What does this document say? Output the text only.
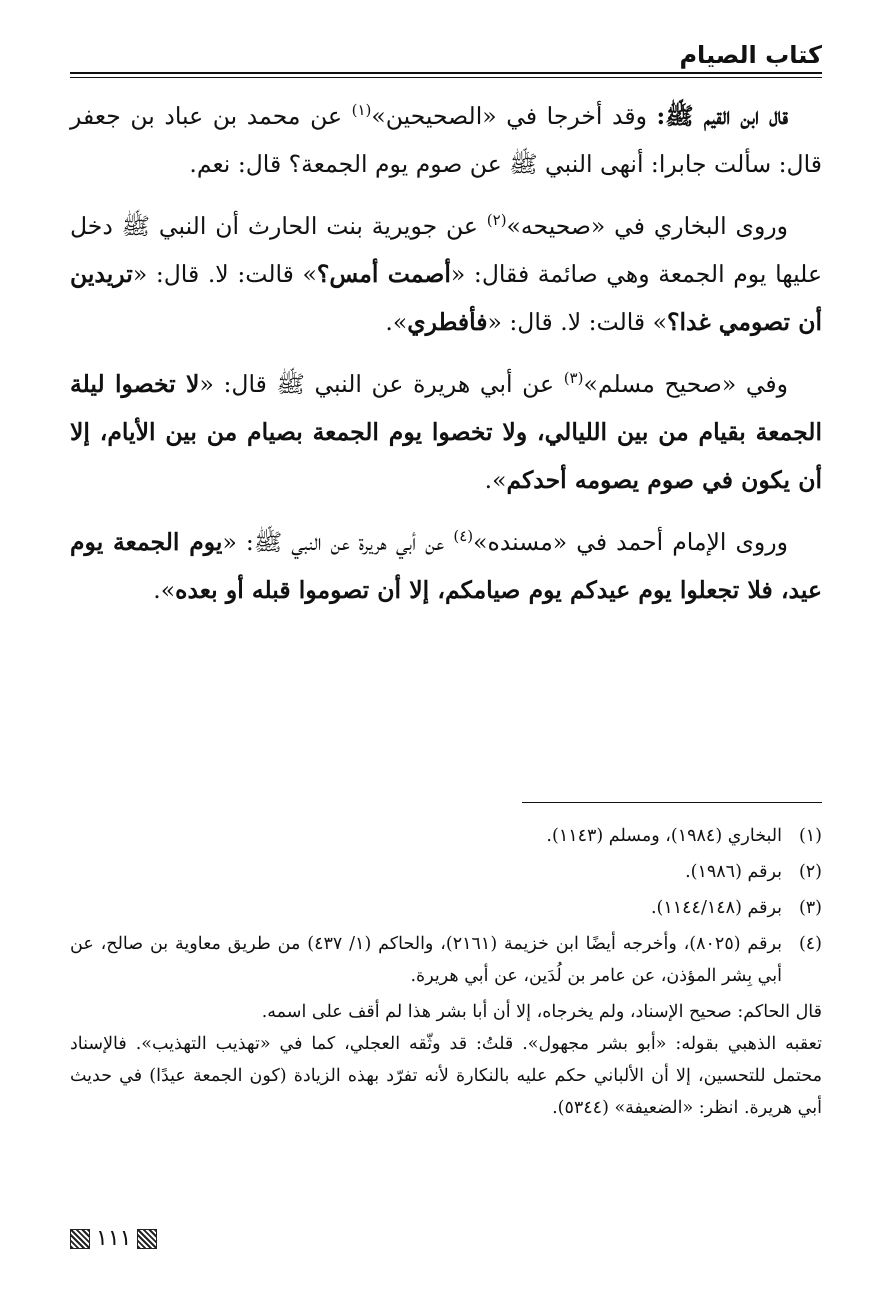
كتاب الصيام

قال ابن القيم ﷺ: وقد أخرجا في «الصحيحين»$^{(١)}$ عن محمد بن عباد بن جعفر قال: سألت جابرا: أنهى النبي ﷺ عن صوم يوم الجمعة؟ قال: نعم.

وروى البخاري في «صحيحه»$^{(٢)}$ عن جويرية بنت الحارث أن النبي ﷺ دخل عليها يوم الجمعة وهي صائمة فقال: «أصمت أمس؟» قالت: لا. قال: «تريدين أن تصومي غدا؟» قالت: لا. قال: «فأفطري».

وفي «صحيح مسلم»$^{(٣)}$ عن أبي هريرة عن النبي ﷺ قال: «لا تخصوا ليلة الجمعة بقيام من بين الليالي، ولا تخصوا يوم الجمعة بصيام من بين الأيام، إلا أن يكون في صوم يصومه أحدكم».

وروى الإمام أحمد في «مسنده»$^{(٤)}$ عن أبي هريرة عن النبي ﷺ: «يوم الجمعة يوم عيد، فلا تجعلوا يوم عيدكم يوم صيامكم، إلا أن تصوموا قبله أو بعده».

(١)
البخاري (١٩٨٤)، ومسلم (١١٤٣).
(٢)
برقم (١٩٨٦).
(٣)
برقم (١١٤٤/١٤٨).
(٤)
برقم (٨٠٢٥)، وأخرجه أيضًا ابن خزيمة (٢١٦١)، والحاكم (١/ ٤٣٧) من طريق معاوية بن صالح، عن أبي بِشر المؤذن، عن عامر بن لُدَين، عن أبي هريرة.

قال الحاكم: صحيح الإسناد، ولم يخرجاه، إلا أن أبا بشر هذا لم أقف على اسمه.

تعقبه الذهبي بقوله: «أبو بشر مجهول». قلتُ: قد وثّقه العجلي، كما في «تهذيب التهذيب». فالإسناد محتمل للتحسين، إلا أن الألباني حكم عليه بالنكارة لأنه تفرّد بهذه الزيادة (كون الجمعة عيدًا) في حديث أبي هريرة. انظر: «الضعيفة» (٥٣٤٤).

١١١
